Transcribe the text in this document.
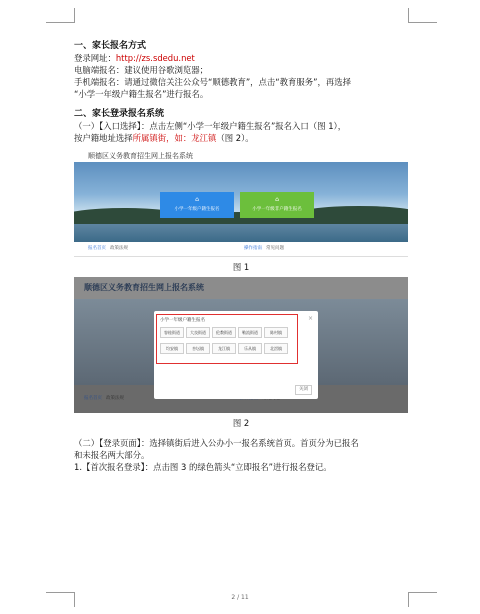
一、家长报名方式

登录网址：http://zs.sdedu.net

电脑端报名：建议使用谷歌浏览器；

手机端报名：请通过微信关注公众号“顺德教育”，点击“教育服务”，再选择

“小学一年级户籍生报名”进行报名。

二、家长登录报名系统

（一）【入口选择】：点击左侧“小学一年级户籍生报名”报名入口（图 1），

按户籍地址选择所属镇街，如：龙江镇（图 2）。

顺德区义务教育招生网上报名系统
⌂
小学一年级户籍生报名
⌂
小学一年级非户籍生报名
报名首页 政策法规	操作指南 常见问题
图 1
顺德区义务教育招生网上报名系统
报名首页 政策法规
小学一年级户籍生报名	×
关闭
容桂街道	大良街道	伦教街道	勒流街道	陈村镇
均安镇	杏坛镇	龙江镇	乐从镇	北滘镇
图 2

（二）【登录页面】：选择镇街后进入公办小一报名系统首页。首页分为已报名

和未报名两大部分。

1.【首次报名登录】：点击图 3 的绿色箭头“立即报名”进行报名登记。

2 / 11
